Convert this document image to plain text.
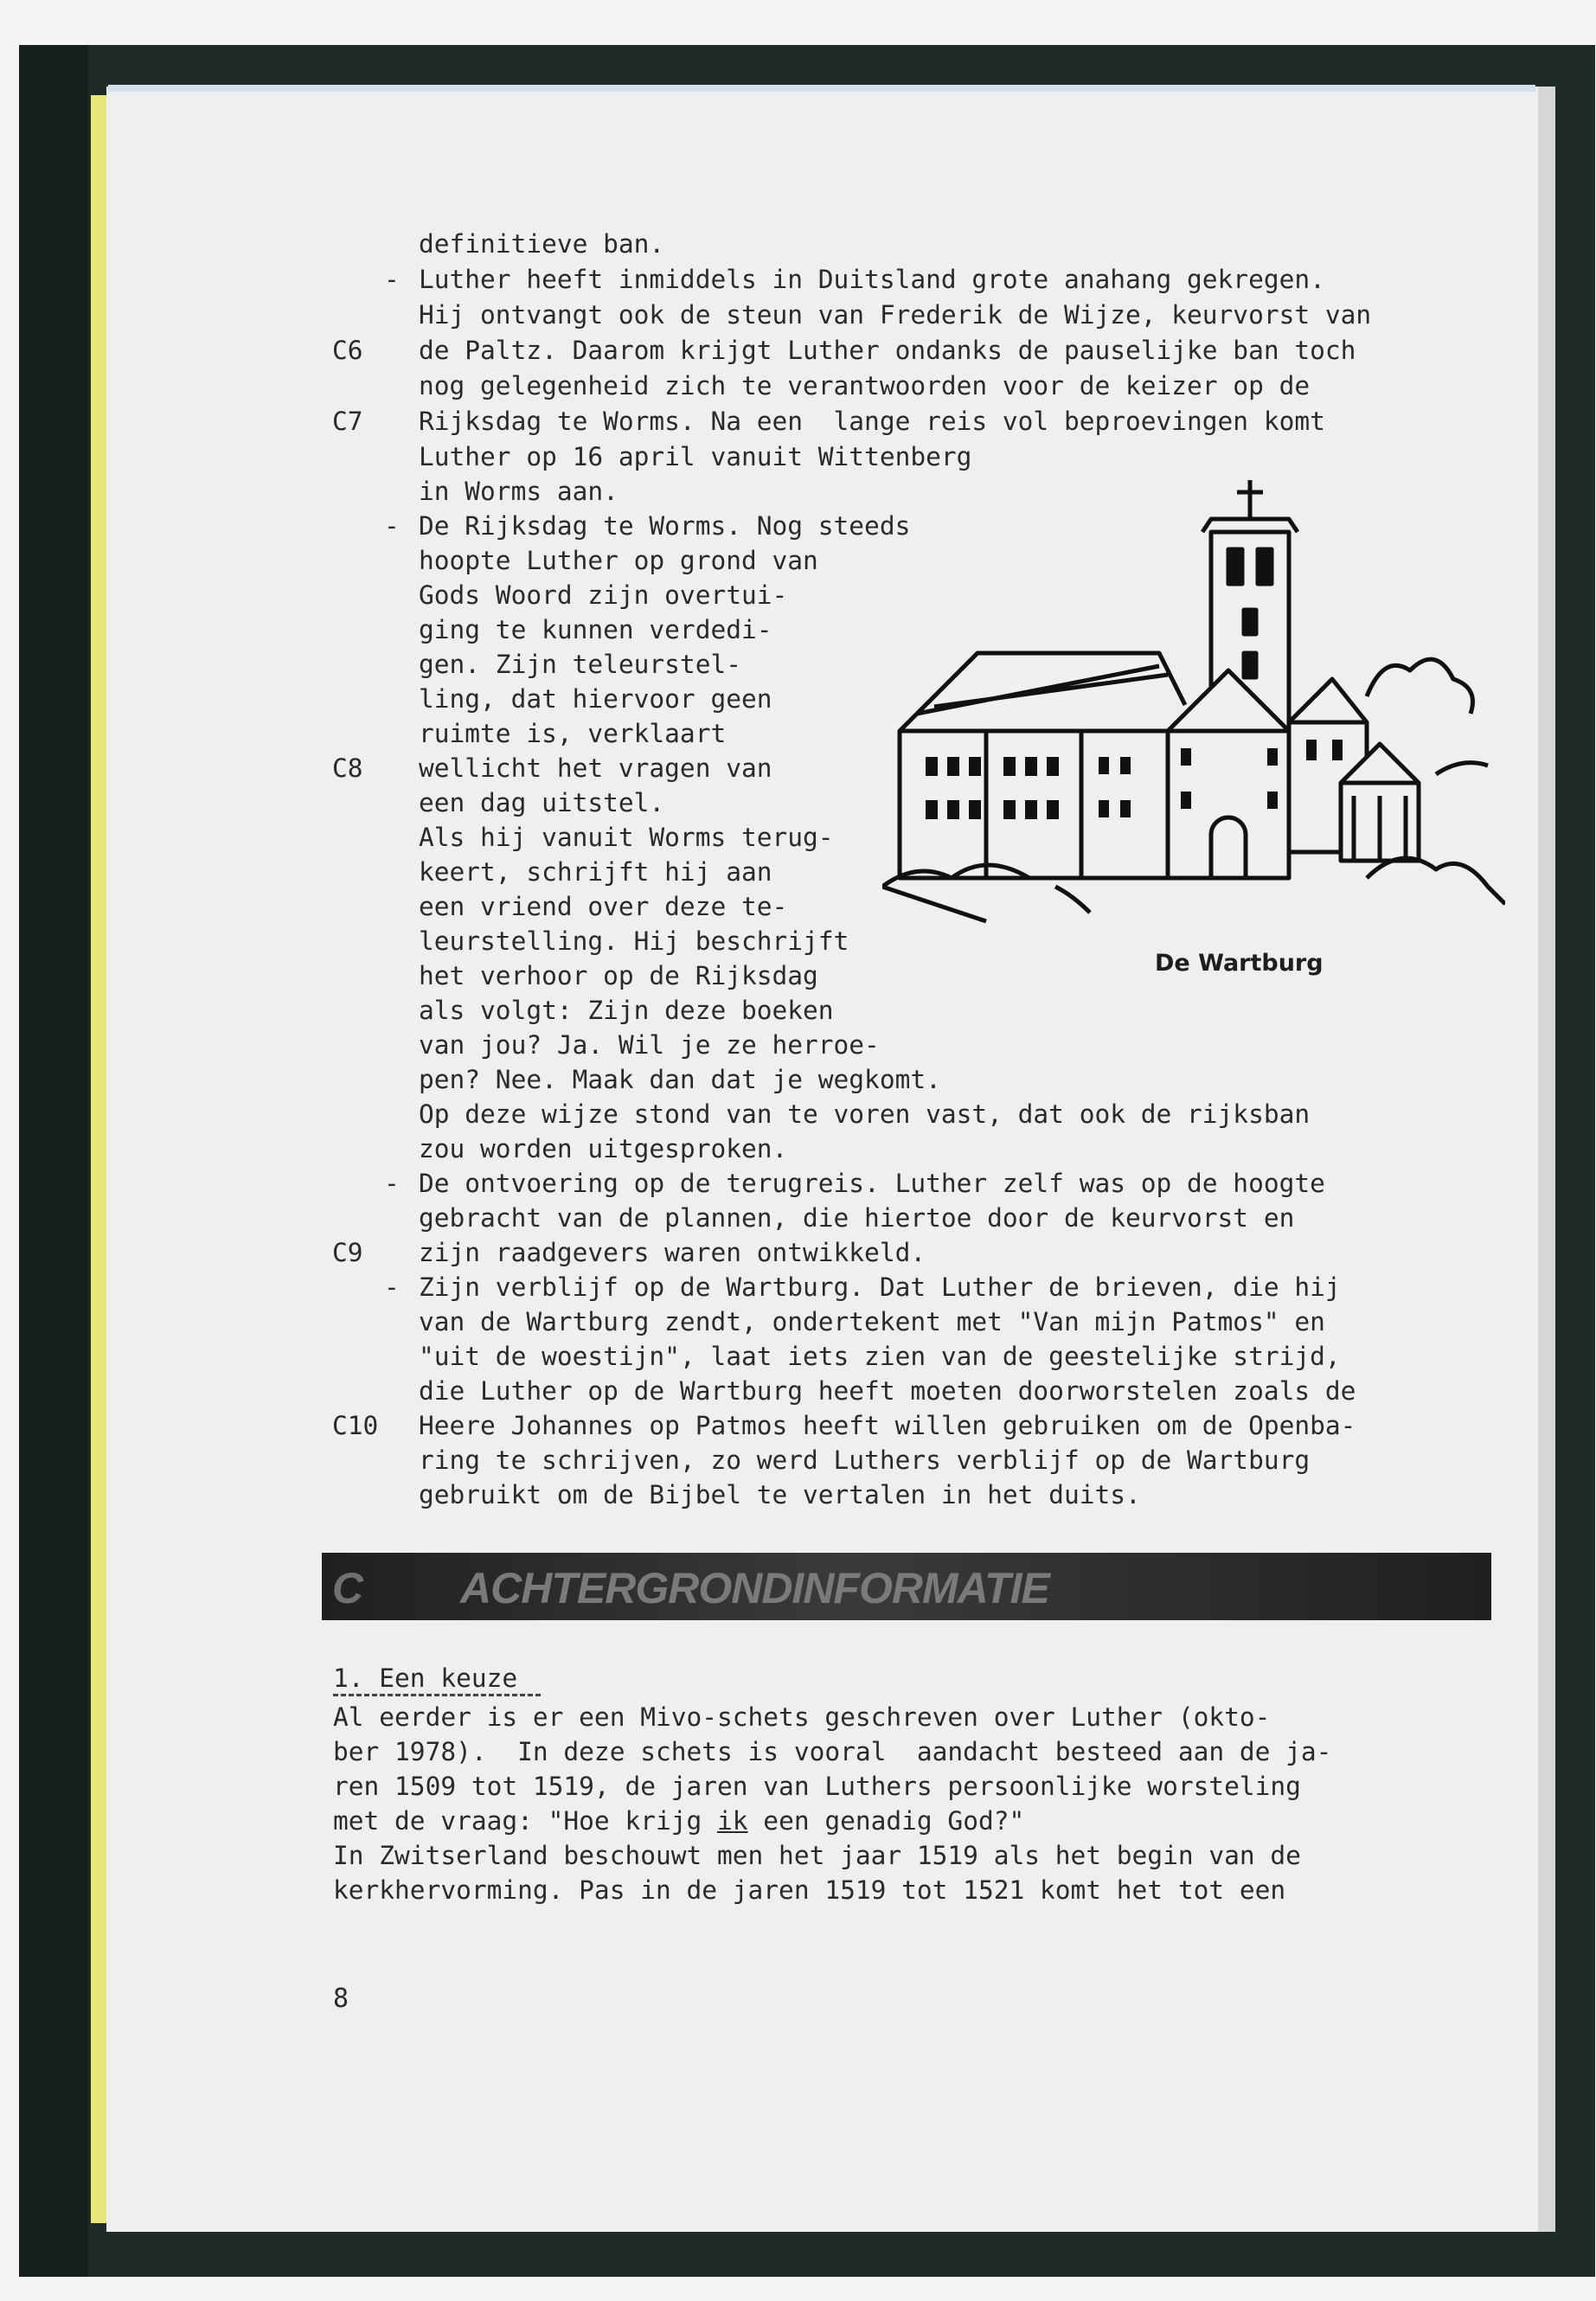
definitieve ban.
Luther heeft inmiddels in Duitsland grote anahang gekregen.
Hij ontvangt ook de steun van Frederik de Wijze, keurvorst van
de Paltz. Daarom krijgt Luther ondanks de pauselijke ban toch
nog gelegenheid zich te verantwoorden voor de keizer op de
Rijksdag te Worms. Na een  lange reis vol beproevingen komt
Luther op 16 april vanuit Wittenberg
in Worms aan.
De Rijksdag te Worms. Nog steeds
hoopte Luther op grond van
Gods Woord zijn overtui-
ging te kunnen verdedi-
gen. Zijn teleurstel-
ling, dat hiervoor geen
ruimte is, verklaart
wellicht het vragen van
een dag uitstel.
Als hij vanuit Worms terug-
keert, schrijft hij aan
een vriend over deze te-
leurstelling. Hij beschrijft
het verhoor op de Rijksdag
als volgt: Zijn deze boeken
van jou? Ja. Wil je ze herroe-
pen? Nee. Maak dan dat je wegkomt.
Op deze wijze stond van te voren vast, dat ook de rijksban
zou worden uitgesproken.
De ontvoering op de terugreis. Luther zelf was op de hoogte
gebracht van de plannen, die hiertoe door de keurvorst en
zijn raadgevers waren ontwikkeld.
Zijn verblijf op de Wartburg. Dat Luther de brieven, die hij
van de Wartburg zendt, ondertekent met "Van mijn Patmos" en
"uit de woestijn", laat iets zien van de geestelijke strijd,
die Luther op de Wartburg heeft moeten doorworstelen zoals de
Heere Johannes op Patmos heeft willen gebruiken om de Openba-
ring te schrijven, zo werd Luthers verblijf op de Wartburg
gebruikt om de Bijbel te vertalen in het duits.
-
-
-
-
C6
C7
C8
C9
C10
De Wartburg
C ACHTERGRONDINFORMATIE
1. Een keuze
Al eerder is er een Mivo-schets geschreven over Luther (okto-
ber 1978).  In deze schets is vooral  aandacht besteed aan de ja-
ren 1509 tot 1519, de jaren van Luthers persoonlijke worsteling
met de vraag: "Hoe krijg ik een genadig God?"
In Zwitserland beschouwt men het jaar 1519 als het begin van de
kerkhervorming. Pas in de jaren 1519 tot 1521 komt het tot een
8
